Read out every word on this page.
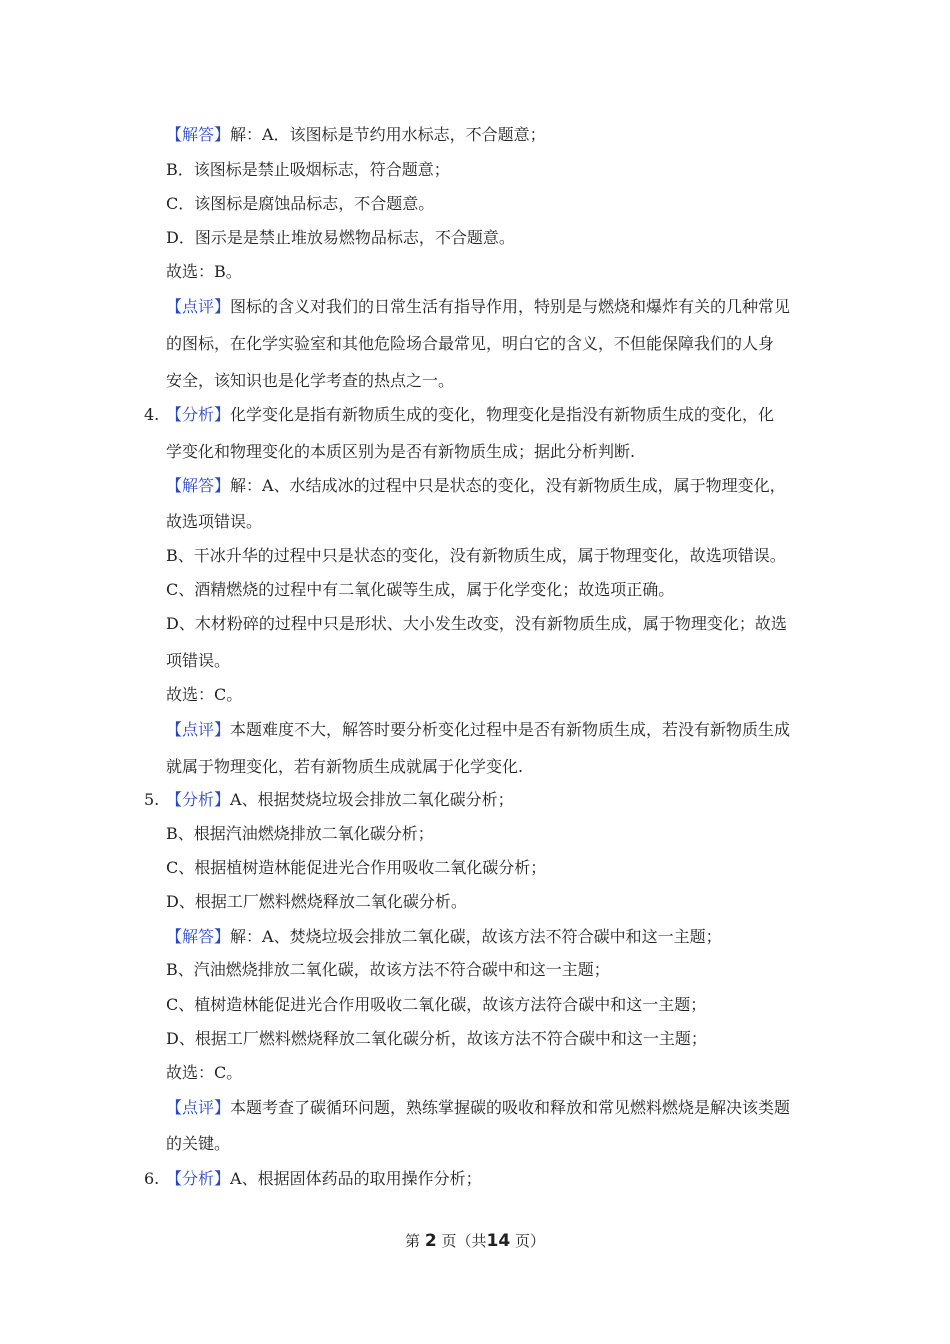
【解答】解：A．该图标是节约用水标志，不合题意；
B．该图标是禁止吸烟标志，符合题意；
C．该图标是腐蚀品标志，不合题意。
D．图示是是禁止堆放易燃物品标志，不合题意。
故选：B。
【点评】图标的含义对我们的日常生活有指导作用，特别是与燃烧和爆炸有关的几种常见
的图标，在化学实验室和其他危险场合最常见，明白它的含义，不但能保障我们的人身
安全，该知识也是化学考查的热点之一。
4. 【分析】化学变化是指有新物质生成的变化，物理变化是指没有新物质生成的变化，化
学变化和物理变化的本质区别为是否有新物质生成；据此分析判断.
【解答】解：A、水结成冰的过程中只是状态的变化，没有新物质生成，属于物理变化，
故选项错误。
B、干冰升华的过程中只是状态的变化，没有新物质生成，属于物理变化，故选项错误。
C、酒精燃烧的过程中有二氧化碳等生成，属于化学变化；故选项正确。
D、木材粉碎的过程中只是形状、大小发生改变，没有新物质生成，属于物理变化；故选
项错误。
故选：C。
【点评】本题难度不大，解答时要分析变化过程中是否有新物质生成，若没有新物质生成
就属于物理变化，若有新物质生成就属于化学变化.
5. 【分析】A、根据焚烧垃圾会排放二氧化碳分析；
B、根据汽油燃烧排放二氧化碳分析；
C、根据植树造林能促进光合作用吸收二氧化碳分析；
D、根据工厂燃料燃烧释放二氧化碳分析。
【解答】解：A、焚烧垃圾会排放二氧化碳，故该方法不符合碳中和这一主题；
B、汽油燃烧排放二氧化碳，故该方法不符合碳中和这一主题；
C、植树造林能促进光合作用吸收二氧化碳，故该方法符合碳中和这一主题；
D、根据工厂燃料燃烧释放二氧化碳分析，故该方法不符合碳中和这一主题；
故选：C。
【点评】本题考查了碳循环问题，熟练掌握碳的吸收和释放和常见燃料燃烧是解决该类题
的关键。
6. 【分析】A、根据固体药品的取用操作分析；
第 2 页（共14 页）
